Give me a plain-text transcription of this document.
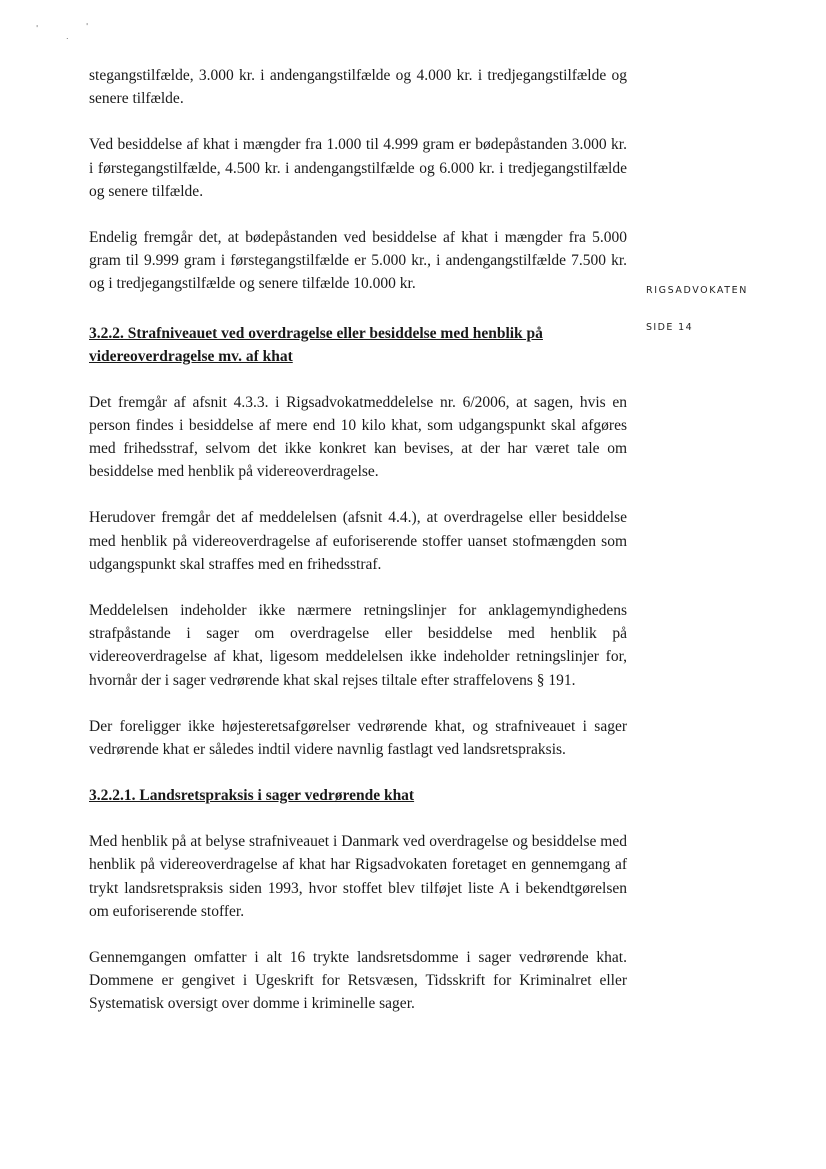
'	'
.
RIGSADVOKATEN
SIDE 14

stegangstilfælde, 3.000 kr. i andengangstilfælde og 4.000 kr. i tredjegangstilfælde og senere tilfælde.

Ved besiddelse af khat i mængder fra 1.000 til 4.999 gram er bødepåstanden 3.000 kr. i førstegangstilfælde, 4.500 kr. i andengangstilfælde og 6.000 kr. i tredjegangstilfælde og senere tilfælde.

Endelig fremgår det, at bødepåstanden ved besiddelse af khat i mængder fra 5.000 gram til 9.999 gram i førstegangstilfælde er 5.000 kr., i andengangstilfælde 7.500 kr. og i tredjegangstilfælde og senere tilfælde 10.000 kr.

3.2.2. Strafniveauet ved overdragelse eller besiddelse med henblik på videreoverdragelse mv. af khat

Det fremgår af afsnit 4.3.3. i Rigsadvokatmeddelelse nr. 6/2006, at sagen, hvis en person findes i besiddelse af mere end 10 kilo khat, som udgangspunkt skal afgøres med frihedsstraf, selvom det ikke konkret kan bevises, at der har været tale om besiddelse med henblik på videreoverdragelse.

Herudover fremgår det af meddelelsen (afsnit 4.4.), at overdragelse eller besiddelse med henblik på videreoverdragelse af euforiserende stoffer uanset stofmængden som udgangspunkt skal straffes med en frihedsstraf.

Meddelelsen indeholder ikke nærmere retningslinjer for anklagemyndighedens strafpåstande i sager om overdragelse eller besiddelse med henblik på videreoverdragelse af khat, ligesom meddelelsen ikke indeholder retningslinjer for, hvornår der i sager vedrørende khat skal rejses tiltale efter straffelovens § 191.

Der foreligger ikke højesteretsafgørelser vedrørende khat, og strafniveauet i sager vedrørende khat er således indtil videre navnlig fastlagt ved landsretspraksis.

3.2.2.1. Landsretspraksis i sager vedrørende khat

Med henblik på at belyse strafniveauet i Danmark ved overdragelse og besiddelse med henblik på videreoverdragelse af khat har Rigsadvokaten foretaget en gennemgang af trykt landsretspraksis siden 1993, hvor stoffet blev tilføjet liste A i bekendtgørelsen om euforiserende stoffer.

Gennemgangen omfatter i alt 16 trykte landsretsdomme i sager vedrørende khat. Dommene er gengivet i Ugeskrift for Retsvæsen, Tidsskrift for Kriminalret eller Systematisk oversigt over domme i kriminelle sager.
